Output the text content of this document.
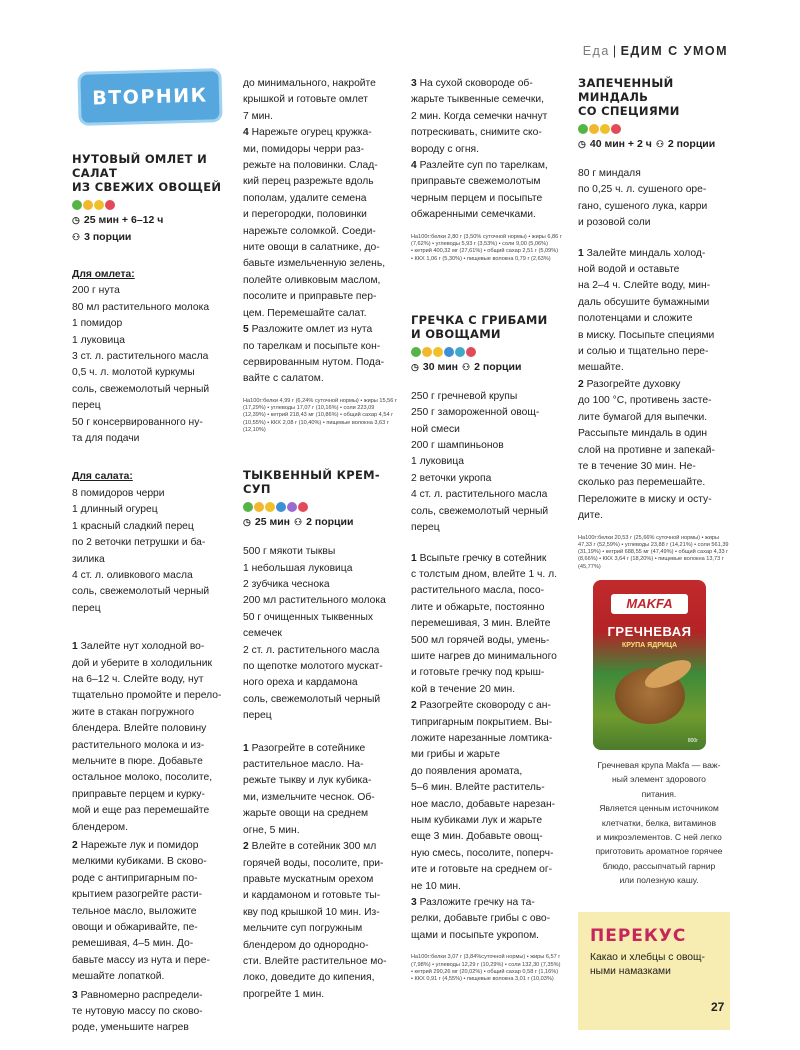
Еда | ЕДИМ С УМОМ
ВТОРНИК
НУТОВЫЙ ОМЛЕТ И САЛАТ
ИЗ СВЕЖИХ ОВОЩЕЙ
◷ 25 мин + 6–12 ч
⚇ 3 порции
Для омлета:
200 г нута
80 мл растительного молока
1 помидор
1 луковица
3 ст. л. растительного масла
0,5 ч. л. молотой куркумы
соль, свежемолотый черный
перец
50 г консервированного ну-
та для подачи
Для салата:
8 помидоров черри
1 длинный огурец
1 красный сладкий перец
по 2 веточки петрушки и ба-
зилика
4 ст. л. оливкового масла
соль, свежемолотый черный
перец
1 Залейте нут холодной во-
дой и уберите в холодильник
на 6–12 ч. Слейте воду, нут
тщательно промойте и перело-
жите в стакан погружного
блендера. Влейте половину
растительного молока и из-
мельчите в пюре. Добавьте
остальное молоко, посолите,
приправьте перцем и курку-
мой и еще раз перемешайте
блендером.
2 Нарежьте лук и помидор
мелкими кубиками. В сково-
роде с антипригарным по-
крытием разогрейте расти-
тельное масло, выложите
овощи и обжаривайте, пе-
ремешивая, 4–5 мин. До-
бавьте массу из нута и пере-
мешайте лопаткой.
3 Равномерно распредели-
те нутовую массу по сково-
роде, уменьшите нагрев
до минимального, накройте
крышкой и готовьте омлет
7 мин.
4 Нарежьте огурец кружка-
ми, помидоры черри раз-
режьте на половинки. Слад-
кий перец разрежьте вдоль
пополам, удалите семена
и перегородки, половинки
нарежьте соломкой. Соеди-
ните овощи в салатнике, до-
бавьте измельченную зелень,
полейте оливковым маслом,
посолите и приправьте пер-
цем. Перемешайте салат.
5 Разложите омлет из нута
по тарелкам и посыпьте кон-
сервированным нутом. Пода-
вайте с салатом.
На100г:белки 4,99 г (6,24% суточной нормы) • жиры 15,56 г
(17,29%) • углеводы 17,07 г (10,16%) • соли 223,09
(12,39%) • кетрий 218,43 мг (10,86%) • общий сахар 4,54 г
(10,55%) • ККХ 2,08 г (10,40%) • пищевые волокна 3,63 г
(12,10%)
ТЫКВЕННЫЙ КРЕМ-СУП
◷ 25 мин ⚇ 2 порции
500 г мякоти тыквы
1 небольшая луковица
2 зубчика чеснока
200 мл растительного молока
50 г очищенных тыквенных
семечек
2 ст. л. растительного масла
по щепотке молотого мускат-
ного ореха и кардамона
соль, свежемолотый черный
перец
1 Разогрейте в сотейнике
растительное масло. На-
режьте тыкву и лук кубика-
ми, измельчите чеснок. Об-
жарьте овощи на среднем
огне, 5 мин.
2 Влейте в сотейник 300 мл
горячей воды, посолите, при-
правьте мускатным орехом
и кардамоном и готовьте ты-
кву под крышкой 10 мин. Из-
мельчите суп погружным
блендером до однородно-
сти. Влейте растительное мо-
локо, доведите до кипения,
прогрейте 1 мин.
3 На сухой сковороде об-
жарьте тыквенные семечки,
2 мин. Когда семечки начнут
потрескивать, снимите ско-
вороду с огня.
4 Разлейте суп по тарелкам,
приправьте свежемолотым
черным перцем и посыпьте
обжаренными семечками.
На100г:белки 2,80 г (3,50% суточной нормы) • жиры 6,86 г
(7,62%) • углеводы 5,93 г (3,53%) • соли 9,00 (5,06%)
• кетрий 400,32 мг (27,61%) • общий сахар 2,51 г (5,09%)
• ККХ 1,06 г (5,30%) • пищевые волокна 0,79 г (2,63%)
ГРЕЧКА С ГРИБАМИ
И ОВОЩАМИ
◷ 30 мин ⚇ 2 порции
250 г гречневой крупы
250 г замороженной овощ-
ной смеси
200 г шампиньонов
1 луковица
2 веточки укропа
4 ст. л. растительного масла
соль, свежемолотый черный
перец
1 Всыпьте гречку в сотейник
с толстым дном, влейте 1 ч. л.
растительного масла, посо-
лите и обжарьте, постоянно
перемешивая, 3 мин. Влейте
500 мл горячей воды, умень-
шите нагрев до минимального
и готовьте гречку под крыш-
кой в течение 20 мин.
2 Разогрейте сковороду с ан-
типригарным покрытием. Вы-
ложите нарезанные ломтика-
ми грибы и жарьте
до появления аромата,
5–6 мин. Влейте раститель-
ное масло, добавьте нарезан-
ным кубиками лук и жарьте
еще 3 мин. Добавьте овощ-
ную смесь, посолите, поперч-
ите и готовьте на среднем ог-
не 10 мин.
3 Разложите гречку на та-
релки, добавьте грибы с ово-
щами и посыпьте укропом.
На100г:белки 3,07 г (3,84%суточной нормы) • жиры 6,57 г
(7,98%) • углеводы 12,29 г (10,29%) • соли 132,30 (7,35%)
• кетрий 290,26 мг (20,02%) • общий сахар 0,58 г (1,16%)
• ККХ 0,91 г (4,55%) • пищевые волокна 3,01 г (10,03%)
ЗАПЕЧЕННЫЙ МИНДАЛЬ
СО СПЕЦИЯМИ
◷ 40 мин + 2 ч ⚇ 2 порции
80 г миндаля
по 0,25 ч. л. сушеного оре-
гано, сушеного лука, карри
и розовой соли
1 Залейте миндаль холод-
ной водой и оставьте
на 2–4 ч. Слейте воду, мин-
даль обсушите бумажными
полотенцами и сложите
в миску. Посыпьте специями
и солью и тщательно пере-
мешайте.
2 Разогрейте духовку
до 100 °С, противень засте-
лите бумагой для выпечки.
Рассыпьте миндаль в один
слой на противне и запекай-
те в течение 30 мин. Не-
сколько раз перемешайте.
Переложите в миску и осту-
дите.
На100г:белки 20,53 г (25,66% суточной нормы) • жиры
47,33 г (52,59%) • углеводы 23,88 г (14,21%) • соли 561,39
(31,19%) • кетрий 688,55 мг (47,49%) • общий сахар 4,33 г
(8,66%) • ККХ 3,64 г (18,20%) • пищевые волокна 13,73 г
(45,77%)
MAKFA
ГРЕЧНЕВАЯ
КРУПА ЯДРИЦА
800г
Гречневая крупа Makfa — важ-
ный элемент здорового питания.
Является ценным источником
клетчатки, белка, витаминов
и микроэлементов. С ней легко
приготовить ароматное горячее
блюдо, рассыпчатый гарнир
или полезную кашу.
ПЕРЕКУС
Какао и хлебцы с овощ-
ными намазками
27
